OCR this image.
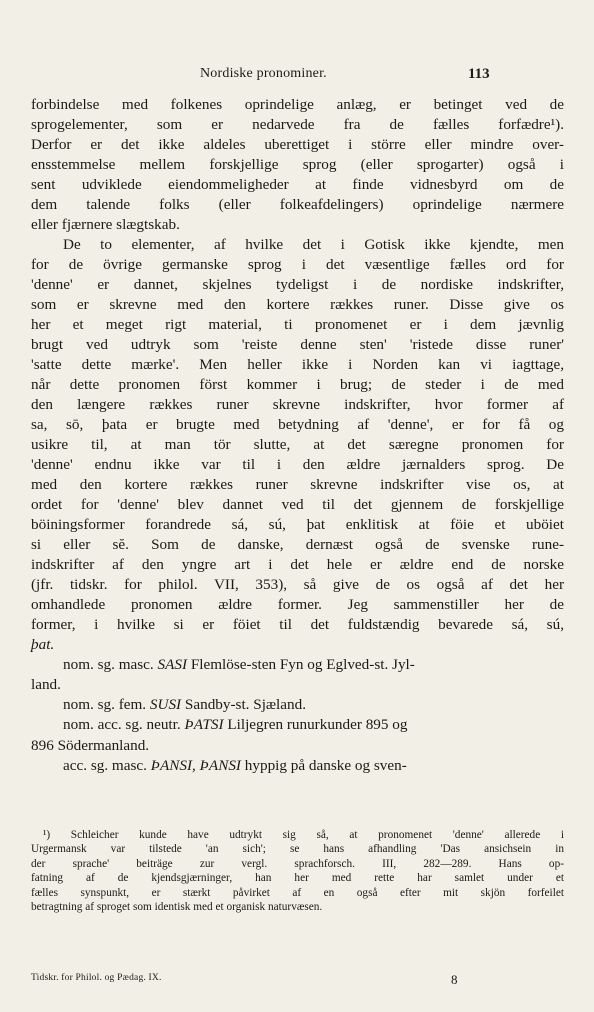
Nordiske pronominer.	113
forbindelse med folkenes oprindelige anlæg, er betinget ved de
sprogelementer, som er nedarvede fra de fælles forfædre¹).
Derfor er det ikke aldeles uberettiget i större eller mindre over-
ensstemmelse mellem forskjellige sprog (eller sprogarter) også i
sent udviklede eiendommeligheder at finde vidnesbyrd om de
dem talende folks (eller folkeafdelingers) oprindelige nærmere
eller fjærnere slægtskab.
De to elementer, af hvilke det i Gotisk ikke kjendte, men
for de övrige germanske sprog i det væsentlige fælles ord for
'denne' er dannet, skjelnes tydeligst i de nordiske indskrifter,
som er skrevne med den kortere rækkes runer. Disse give os
her et meget rigt material, ti pronomenet er i dem jævnlig
brugt ved udtryk som 'reiste denne sten' 'ristede disse runer'
'satte dette mærke'. Men heller ikke i Norden kan vi iagttage,
når dette pronomen först kommer i brug; de steder i de med
den længere rækkes runer skrevne indskrifter, hvor former af
sa, sō, þata er brugte med betydning af 'denne', er for få og
usikre til, at man tör slutte, at det særegne pronomen for
'denne' endnu ikke var til i den ældre jærnalders sprog. De
med den kortere rækkes runer skrevne indskrifter vise os, at
ordet for 'denne' blev dannet ved til det gjennem de forskjellige
böiningsformer forandrede sá, sú, þat enklitisk at föie et uböiet
si eller sĕ. Som de danske, dernæst også de svenske rune-
indskrifter af den yngre art i det hele er ældre end de norske
(jfr. tidskr. for philol. VII, 353), så give de os også af det her
omhandlede pronomen ældre former. Jeg sammenstiller her de
former, i hvilke si er föiet til det fuldstændig bevarede sá, sú,
þat.
nom. sg. masc. SASI Flemlöse-sten Fyn og Eglved-st. Jyl-
land.
nom. sg. fem. SUSI Sandby-st. Sjæland.
nom. acc. sg. neutr. ÞATSI Liljegren runurkunder 895 og
896 Södermanland.
acc. sg. masc. ÞANSI, ÞANSI hyppig på danske og sven-
¹) Schleicher kunde have udtrykt sig så, at pronomenet 'denne' allerede i
Urgermansk var tilstede 'an sich'; se hans afhandling 'Das ansichsein in
der sprache' beiträge zur vergl. sprachforsch. III, 282—289. Hans op-
fatning af de kjendsgjærninger, han her med rette har samlet under et
fælles synspunkt, er stærkt påvirket af en også efter mit skjön forfeilet
betragtning af sproget som identisk med et organisk naturvæsen.
Tidskr. for Philol. og Pædag. IX.	8
